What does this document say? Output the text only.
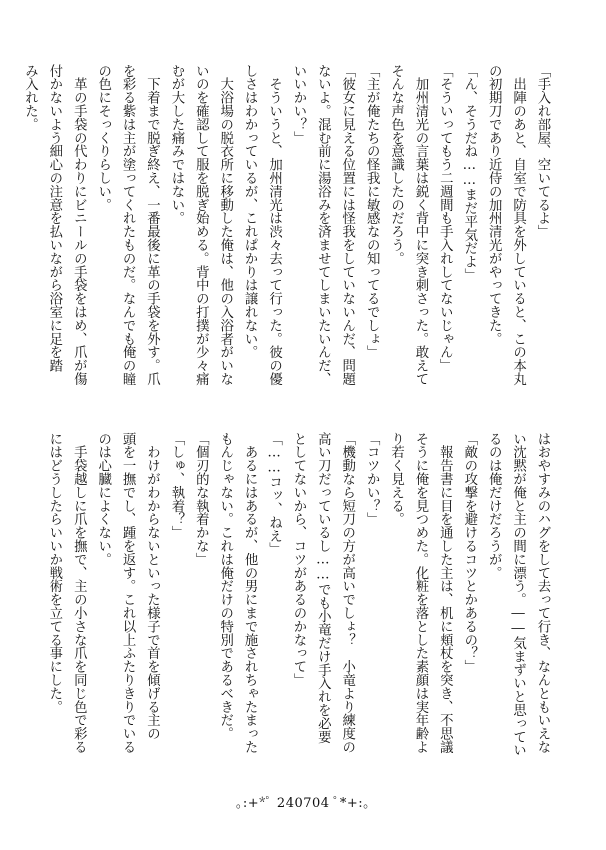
「手入れ部屋、空いてるよ」
　出陣のあと、自室で防具を外していると、この本丸
の初期刀であり近侍の加州清光がやってきた。
「ん、そうだね……まだ平気だよ」
「そういってもう二週間も手入れしてないじゃん」
　加州清光の言葉は鋭く背中に突き刺さった。敢えて
そんな声色を意識したのだろう。
「主が俺たちの怪我に敏感なの知ってるでしょ」
「彼女に見える位置には怪我をしていないんだ、問題
ないよ。混む前に湯浴みを済ませてしまいたいんだ、
いいかい？」
　そういうと、加州清光は渋々去って行った。彼の優
しさはわかっているが、これぱかりは譲れない。
　大浴場の脱衣所に移動した俺は、他の入浴者がいな
いのを確認して服を脱ぎ始める。背中の打撲が少々痛
むが大した痛みではない。
　下着まで脱ぎ終え、一番最後に革の手袋を外す。爪
を彩る紫は主が塗ってくれたものだ。なんでも俺の瞳
の色にそっくりらしい。
　革の手袋の代わりにビニールの手袋をはめ、爪が傷
付かないよう細心の注意を払いながら浴室に足を踏
み入れた。

はおやすみのハグをして去って行き、なんともいえな
い沈黙が俺と主の間に漂う。――気まずいと思ってい
るのは俺だけだろうが。
「敵の攻撃を避けるコツとかあるの？」
　報告書に目を通した主は、机に頬杖を突き、不思議
そうに俺を見つめた。化粧を落とした素顔は実年齢よ
り若く見える。
「コツかい？」
「機動なら短刀の方が高いでしょ？　小竜より練度の
高い刀だっているし……でも小竜だけ手入れを必要
としてないから、コツがあるのかなって」
「……コッ、ねえ」
　あるにはあるが、他の男にまで施されちゃたまった
もんじゃない。これは俺だけの特別であるべきだ。
「個刃的な執着かな」
「しゅ、執着？」
　わけがわからないといった様子で首を傾げる主の
頭を一撫でし、踵を返す。これ以上ふたりきりでいる
のは心臓によくない。
　手袋越しに爪を撫で、主の小さな爪を同じ色で彩る
にはどうしたらいいか戦術を立てる事にした。
｡:+*ﾟ 240704 ﾟ*+:｡
